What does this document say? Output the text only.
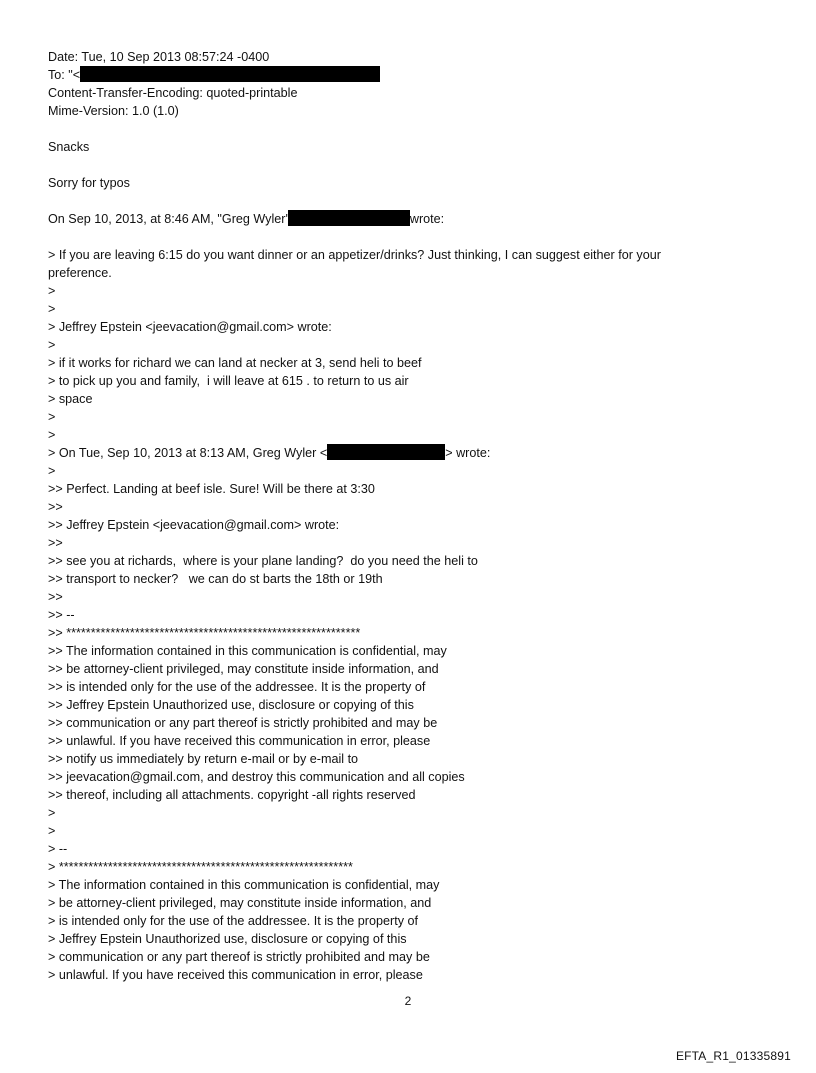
Date: Tue, 10 Sep 2013 08:57:24 -0400
To: "<
Content-Transfer-Encoding: quoted-printable
Mime-Version: 1.0 (1.0)
Snacks
Sorry for typos
On Sep 10, 2013, at 8:46 AM, "Greg Wyler'	wrote:
> If you are leaving 6:15 do you want dinner or an appetizer/drinks? Just thinking, I can suggest either for your
preference.
>
>
> Jeffrey Epstein <jeevacation@gmail.com> wrote:
>
> if it works for richard we can land at necker at 3, send heli to beef
> to pick up you and family,  i will leave at 615 . to return to us air
> space
>
>
> On Tue, Sep 10, 2013 at 8:13 AM, Greg Wyler <	> wrote:
>
>> Perfect. Landing at beef isle. Sure! Will be there at 3:30
>>
>> Jeffrey Epstein <jeevacation@gmail.com> wrote:
>>
>> see you at richards,  where is your plane landing?  do you need the heli to
>> transport to necker?   we can do st barts the 18th or 19th
>>
>> --
>> ************************************************************
>> The information contained in this communication is confidential, may
>> be attorney-client privileged, may constitute inside information, and
>> is intended only for the use of the addressee. It is the property of
>> Jeffrey Epstein Unauthorized use, disclosure or copying of this
>> communication or any part thereof is strictly prohibited and may be
>> unlawful. If you have received this communication in error, please
>> notify us immediately by return e-mail or by e-mail to
>> jeevacation@gmail.com, and destroy this communication and all copies
>> thereof, including all attachments. copyright -all rights reserved
>
>
> --
> ************************************************************
> The information contained in this communication is confidential, may
> be attorney-client privileged, may constitute inside information, and
> is intended only for the use of the addressee. It is the property of
> Jeffrey Epstein Unauthorized use, disclosure or copying of this
> communication or any part thereof is strictly prohibited and may be
> unlawful. If you have received this communication in error, please
2
EFTA_R1_01335891
